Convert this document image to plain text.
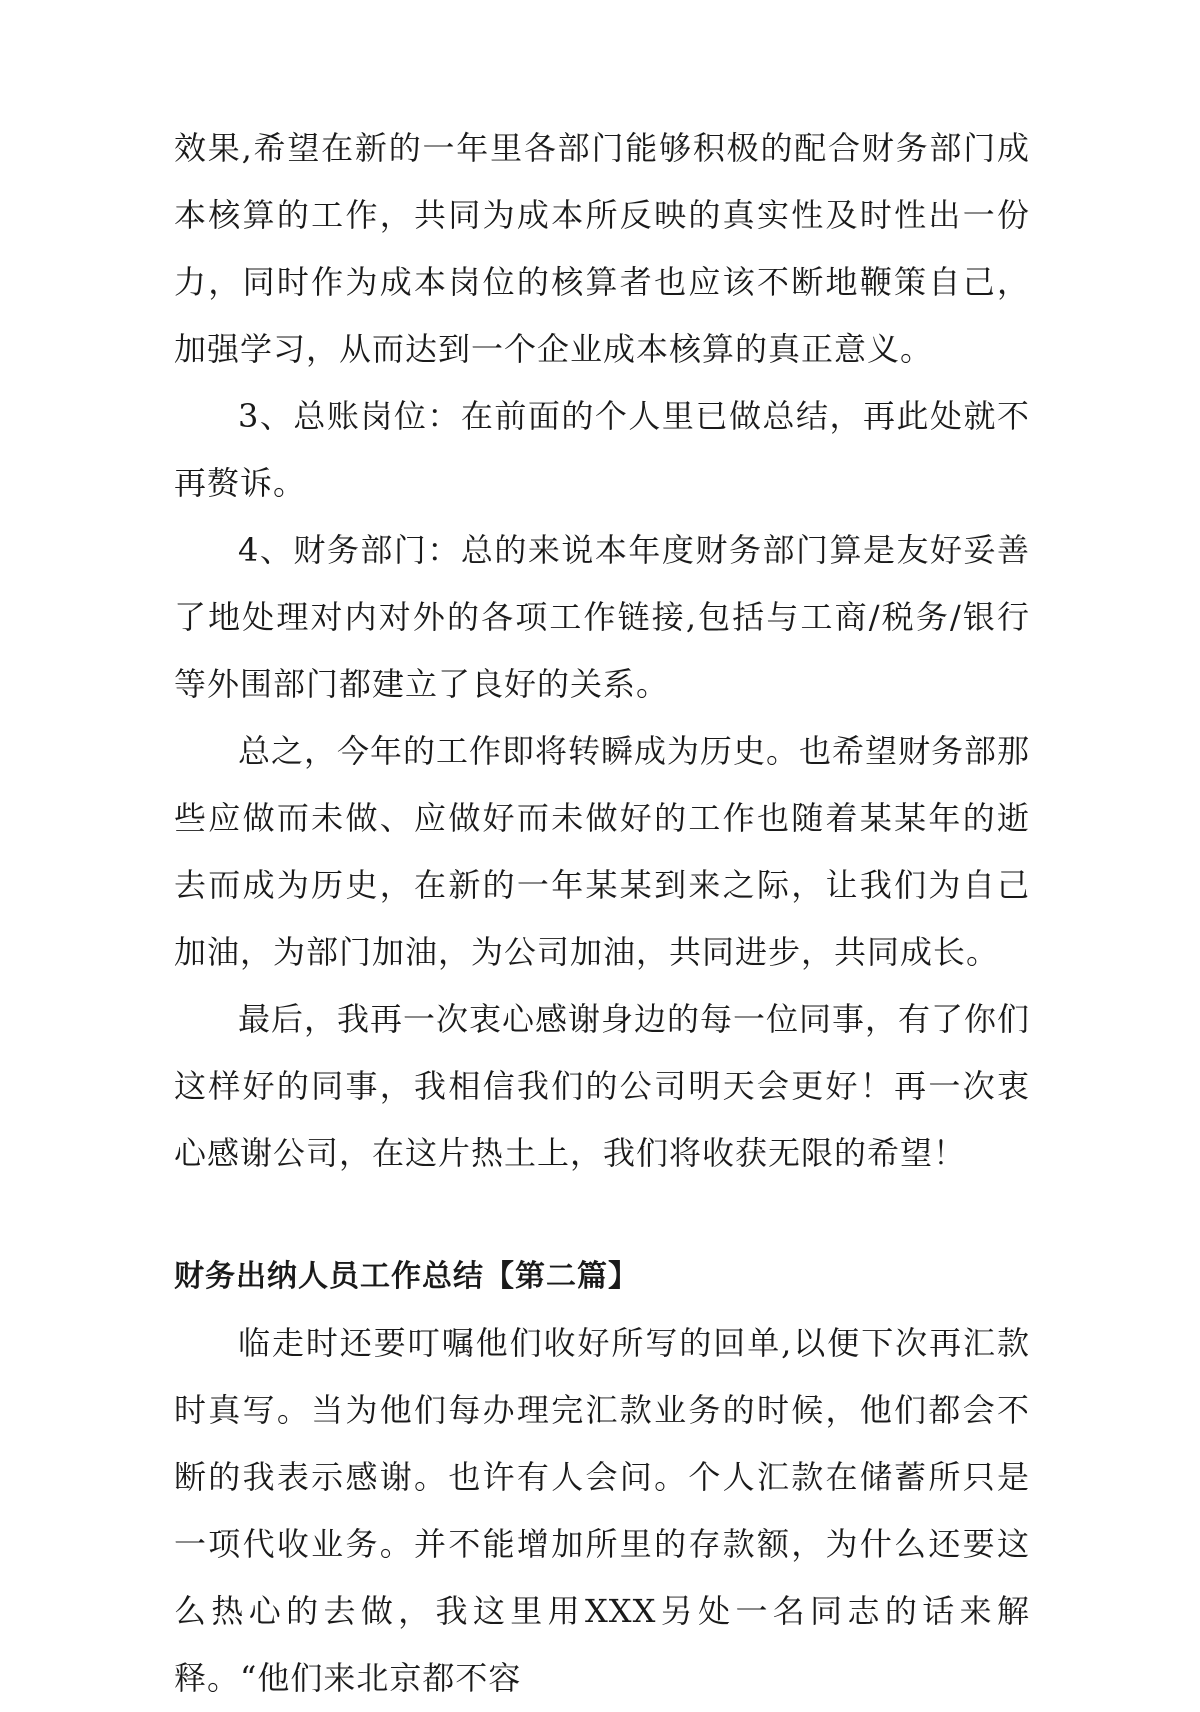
效果,希望在新的一年里各部门能够积极的配合财务部门成本核算的工作，共同为成本所反映的真实性及时性出一份力，同时作为成本岗位的核算者也应该不断地鞭策自己，加强学习，从而达到一个企业成本核算的真正意义。

3、总账岗位：在前面的个人里已做总结，再此处就不再赘诉。

4、财务部门：总的来说本年度财务部门算是友好妥善了地处理对内对外的各项工作链接,包括与工商/税务/银行等外围部门都建立了良好的关系。

总之，今年的工作即将转瞬成为历史。也希望财务部那些应做而未做、应做好而未做好的工作也随着某某年的逝去而成为历史，在新的一年某某到来之际，让我们为自己加油，为部门加油，为公司加油，共同进步，共同成长。

最后，我再一次衷心感谢身边的每一位同事，有了你们这样好的同事，我相信我们的公司明天会更好！再一次衷心感谢公司，在这片热土上，我们将收获无限的希望！

财务出纳人员工作总结【第二篇】

临走时还要叮嘱他们收好所写的回单,以便下次再汇款时真写。当为他们每办理完汇款业务的时候，他们都会不断的我表示感谢。也许有人会问。个人汇款在储蓄所只是一项代收业务。并不能增加所里的存款额，为什么还要这么热心的去做，我这里用XXX另处一名同志的话来解释。“他们来北京都不容
